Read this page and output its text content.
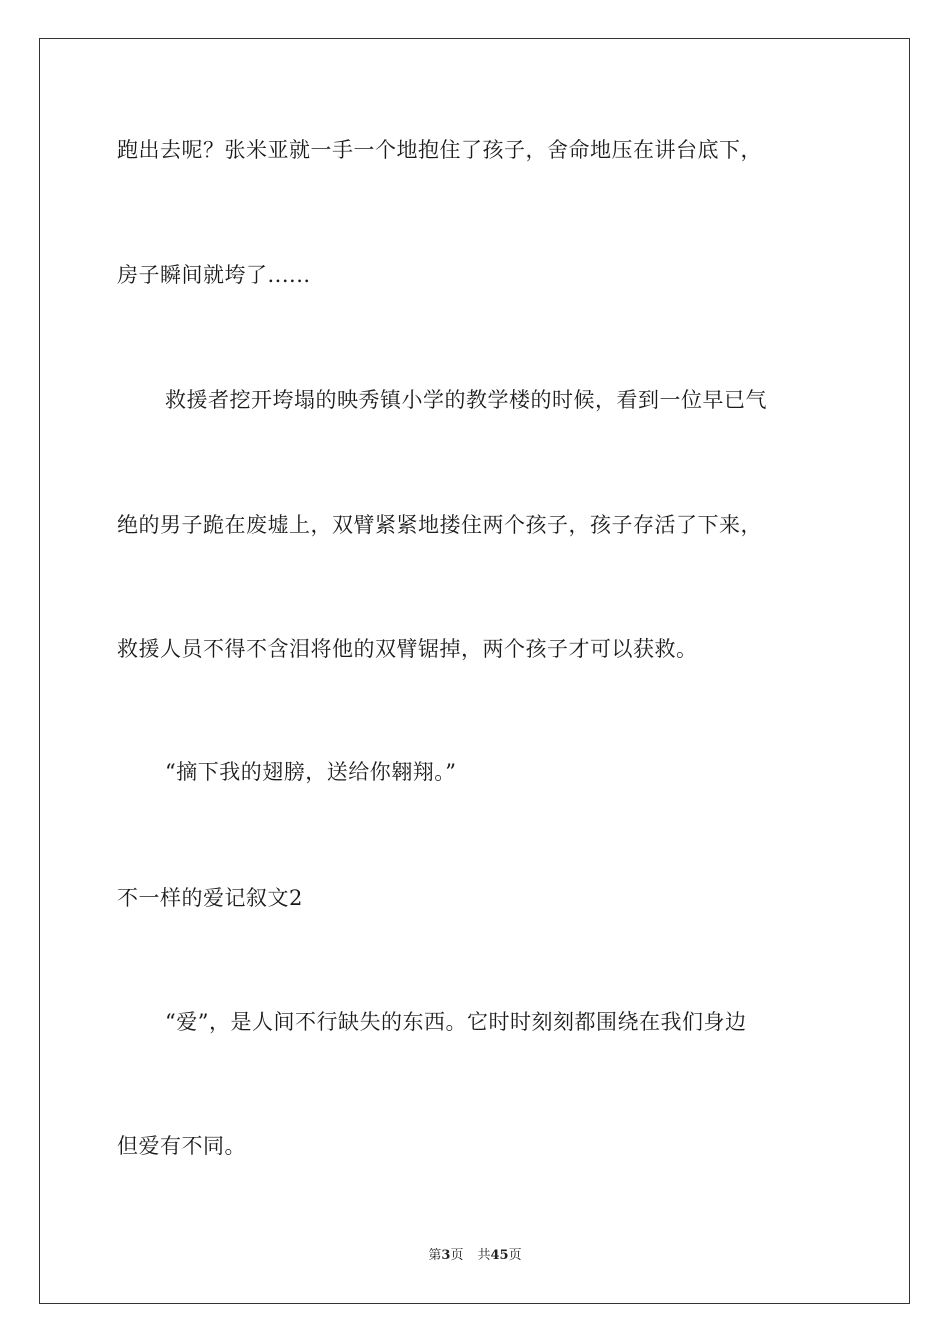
跑出去呢？张米亚就一手一个地抱住了孩子，舍命地压在讲台底下，
房子瞬间就垮了......
救援者挖开垮塌的映秀镇小学的教学楼的时候，看到一位早已气
绝的男子跪在废墟上，双臂紧紧地搂住两个孩子，孩子存活了下来，
救援人员不得不含泪将他的双臂锯掉，两个孩子才可以获救。
“摘下我的翅膀，送给你翱翔。”
不一样的爱记叙文2
“爱”，是人间不行缺失的东西。它时时刻刻都围绕在我们身边
但爱有不同。
第3页 共45页
